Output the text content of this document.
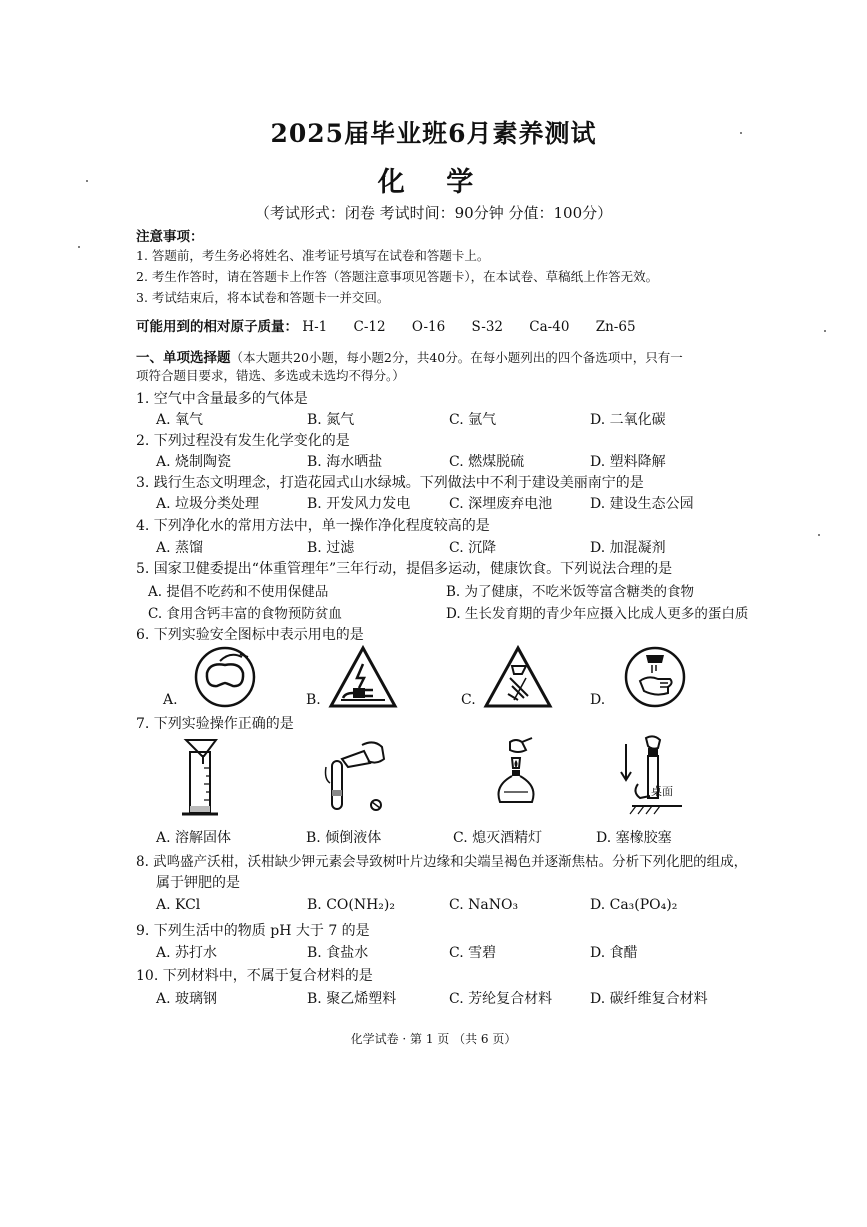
2025届毕业班6月素养测试
化 学
（考试形式：闭卷 考试时间：90分钟 分值：100分）
注意事项：
1. 答题前，考生务必将姓名、准考证号填写在试卷和答题卡上。
2. 考生作答时，请在答题卡上作答（答题注意事项见答题卡），在本试卷、草稿纸上作答无效。
3. 考试结束后，将本试卷和答题卡一并交回。
可能用到的相对原子质量： H-1 C-12 O-16 S-32 Ca-40 Zn-65
一、单项选择题（本大题共20小题，每小题2分，共40分。在每小题列出的四个备选项中，只有一
项符合题目要求，错选、多选或未选均不得分。）
1. 空气中含量最多的气体是
A. 氧气	B. 氮气	C. 氩气	D. 二氧化碳
2. 下列过程没有发生化学变化的是
A. 烧制陶瓷	B. 海水晒盐	C. 燃煤脱硫	D. 塑料降解
3. 践行生态文明理念，打造花园式山水绿城。下列做法中不利于建设美丽南宁的是
A. 垃圾分类处理	B. 开发风力发电	C. 深埋废弃电池	D. 建设生态公园
4. 下列净化水的常用方法中，单一操作净化程度较高的是
A. 蒸馏	B. 过滤	C. 沉降	D. 加混凝剂
5. 国家卫健委提出“体重管理年”三年行动，提倡多运动，健康饮食。下列说法合理的是
A. 提倡不吃药和不使用保健品	B. 为了健康，不吃米饭等富含糖类的食物
C. 食用含钙丰富的食物预防贫血	D. 生长发育期的青少年应摄入比成人更多的蛋白质
6. 下列实验安全图标中表示用电的是
A.	B.	C.	D.
7. 下列实验操作正确的是
A. 溶解固体	B. 倾倒液体	C. 熄灭酒精灯
桌面
D. 塞橡胶塞
8. 武鸣盛产沃柑，沃柑缺少钾元素会导致树叶片边缘和尖端呈褐色并逐渐焦枯。分析下列化肥的组成，
属于钾肥的是
A. KCl	B. CO(NH₂)₂	C. NaNO₃	D. Ca₃(PO₄)₂
9. 下列生活中的物质 pH 大于 7 的是
A. 苏打水	B. 食盐水	C. 雪碧	D. 食醋
10. 下列材料中，不属于复合材料的是
A. 玻璃钢	B. 聚乙烯塑料	C. 芳纶复合材料	D. 碳纤维复合材料
化学试卷 · 第 1 页 （共 6 页）
